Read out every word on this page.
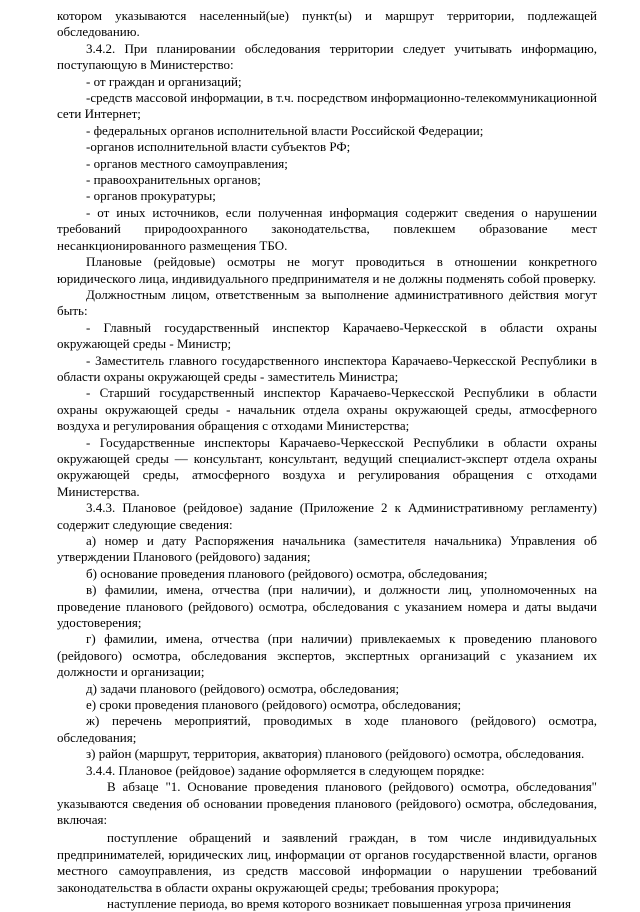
котором указываются населенный(ые) пункт(ы) и маршрут территории, подлежащей обследованию.

3.4.2. При планировании обследования территории следует учитывать информацию, поступающую в Министерство:

- от граждан и организаций;

-средств массовой информации, в т.ч. посредством информационно-телекоммуникационной сети Интернет;

- федеральных органов исполнительной власти Российской Федерации;

-органов исполнительной власти субъектов РФ;

- органов местного самоуправления;

- правоохранительных органов;

- органов прокуратуры;

- от иных источников, если полученная информация содержит сведения о нарушении требований природоохранного законодательства, повлекшем образование мест несанкционированного размещения ТБО.

Плановые (рейдовые) осмотры не могут проводиться в отношении конкретного юридического лица, индивидуального предпринимателя и не должны подменять собой проверку.

Должностным лицом, ответственным за выполнение административного действия могут быть:

- Главный государственный инспектор Карачаево-Черкесской в области охраны окружающей среды - Министр;

- Заместитель главного государственного инспектора Карачаево-Черкесской Республики в области охраны окружающей среды - заместитель Министра;

- Старший государственный инспектор Карачаево-Черкесской Республики в области охраны окружающей среды - начальник отдела охраны окружающей среды, атмосферного воздуха и регулирования обращения с отходами Министерства;

- Государственные инспекторы Карачаево-Черкесской Республики в области охраны окружающей среды — консультант, консультант, ведущий специалист-эксперт отдела охраны окружающей среды, атмосферного воздуха и регулирования обращения с отходами Министерства.

3.4.3. Плановое (рейдовое) задание (Приложение 2 к Административному регламенту) содержит следующие сведения:

а) номер и дату Распоряжения начальника (заместителя начальника) Управления об утверждении Планового (рейдового) задания;

б) основание проведения планового (рейдового) осмотра, обследования;

в) фамилии, имена, отчества (при наличии), и должности лиц, уполномоченных на проведение планового (рейдового) осмотра, обследования с указанием номера и даты выдачи удостоверения;

г) фамилии, имена, отчества (при наличии) привлекаемых к проведению планового (рейдового) осмотра, обследования экспертов, экспертных организаций с указанием их должности и организации;

д) задачи планового (рейдового) осмотра, обследования;

е) сроки проведения планового (рейдового) осмотра, обследования;

ж) перечень мероприятий, проводимых в ходе планового (рейдового) осмотра, обследования;

з) район (маршрут, территория, акватория) планового (рейдового) осмотра, обследования.

3.4.4. Плановое (рейдовое) задание оформляется в следующем порядке:

В абзаце "1. Основание проведения планового (рейдового) осмотра, обследования" указываются сведения об основании проведения планового (рейдового) осмотра, обследования, включая:

поступление обращений и заявлений граждан, в том числе индивидуальных предпринимателей, юридических лиц, информации от органов государственной власти, органов местного самоуправления, из средств массовой информации о нарушении требований законодательства в области охраны окружающей среды; требования прокурора;

наступление периода, во время которого возникает повышенная угроза причинения
